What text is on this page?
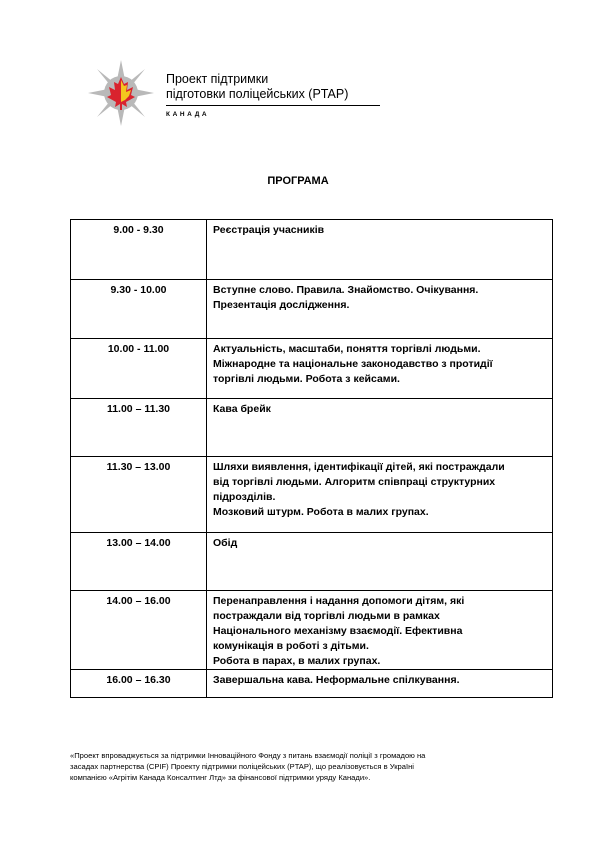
Проект підтримки
підготовки поліцейських (PTAP)
КАНАДА
ПРОГРАМА
9.00 - 9.30	Реєстрація учасників
9.30 - 10.00	Вступне слово. Правила. Знайомство. Очікування.
Презентація дослідження.
10.00 - 11.00	Актуальність, масштаби, поняття торгівлі людьми.
Міжнародне та національне законодавство з протидії
торгівлі людьми. Робота з кейсами.
11.00 – 11.30	Кава брейк
11.30 – 13.00	Шляхи виявлення, ідентифікації дітей, які постраждали
від торгівлі людьми. Алгоритм співпраці структурних
підрозділів.
Мозковий штурм. Робота в малих групах.
13.00 – 14.00	Обід
14.00 – 16.00	Перенаправлення і надання допомоги дітям, які
постраждали від торгівлі людьми в рамках
Національного механізму взаємодії. Ефективна
комунікація в роботі з дітьми.
Робота в парах, в малих групах.
16.00 – 16.30	Завершальна кава. Неформальне спілкування.
«Проект впроваджується за підтримки Інноваційного Фонду з питань взаємодії поліції з громадою на
засадах партнерства (CPIF) Проекту підтримки поліцейських (PTAP), що реалізовується в Україні
компанією «Агрітім Канада Консалтинг Лтд» за фінансової підтримки уряду Канади».
